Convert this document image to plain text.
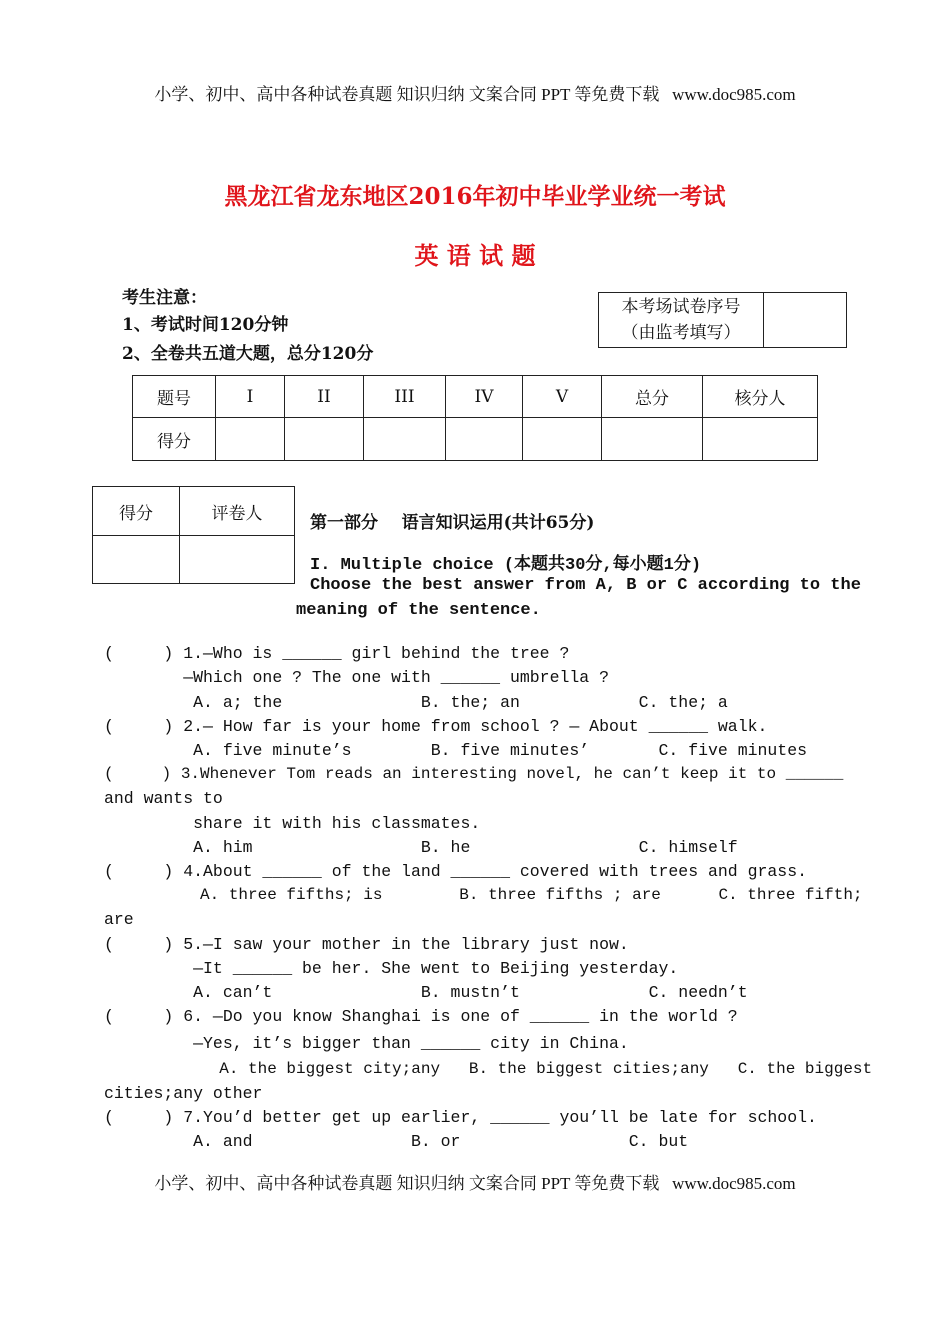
小学、初中、高中各种试卷真题 知识归纳 文案合同 PPT 等免费下载   www.doc985.com
黑龙江省龙东地区2016年初中毕业学业统一考试
英 语 试 题
考生注意：
1、考试时间120分钟
2、全卷共五道大题，总分120分
本考场试卷序号
（由监考填写）

题号	I	II	III	IV	V	总分	核分人
得分							
得分	评卷人
		第一部分    语言知识运用(共计65分)
I. Multiple choice (本题共30分,每小题1分)
Choose the best answer from A, B or C according to the
meaning of the sentence.
(     ) 1.—Who is ______ girl behind the tree ?
—Which one ? The one with ______ umbrella ?
A. a; the              B. the; an            C. the; a
(     ) 2.— How far is your home from school ? — About ______ walk.
A. five minute’s        B. five minutes’       C. five minutes
(     ) 3.Whenever Tom reads an interesting novel, he can’t keep it to ______
and wants to
share it with his classmates.
A. him                 B. he                 C. himself
(     ) 4.About ______ of the land ______ covered with trees and grass.
A. three fifths; is        B. three fifths ; are      C. three fifth;
are
(     ) 5.—I saw your mother in the library just now.
—It ______ be her. She went to Beijing yesterday.
A. can’t               B. mustn’t             C. needn’t
(     ) 6. —Do you know Shanghai is one of ______ in the world ?
—Yes, it’s bigger than ______ city in China.
A. the biggest city;any   B. the biggest cities;any   C. the biggest
cities;any other
(     ) 7.You’d better get up earlier, ______ you’ll be late for school.
A. and                B. or                 C. but
小学、初中、高中各种试卷真题 知识归纳 文案合同 PPT 等免费下载   www.doc985.com
